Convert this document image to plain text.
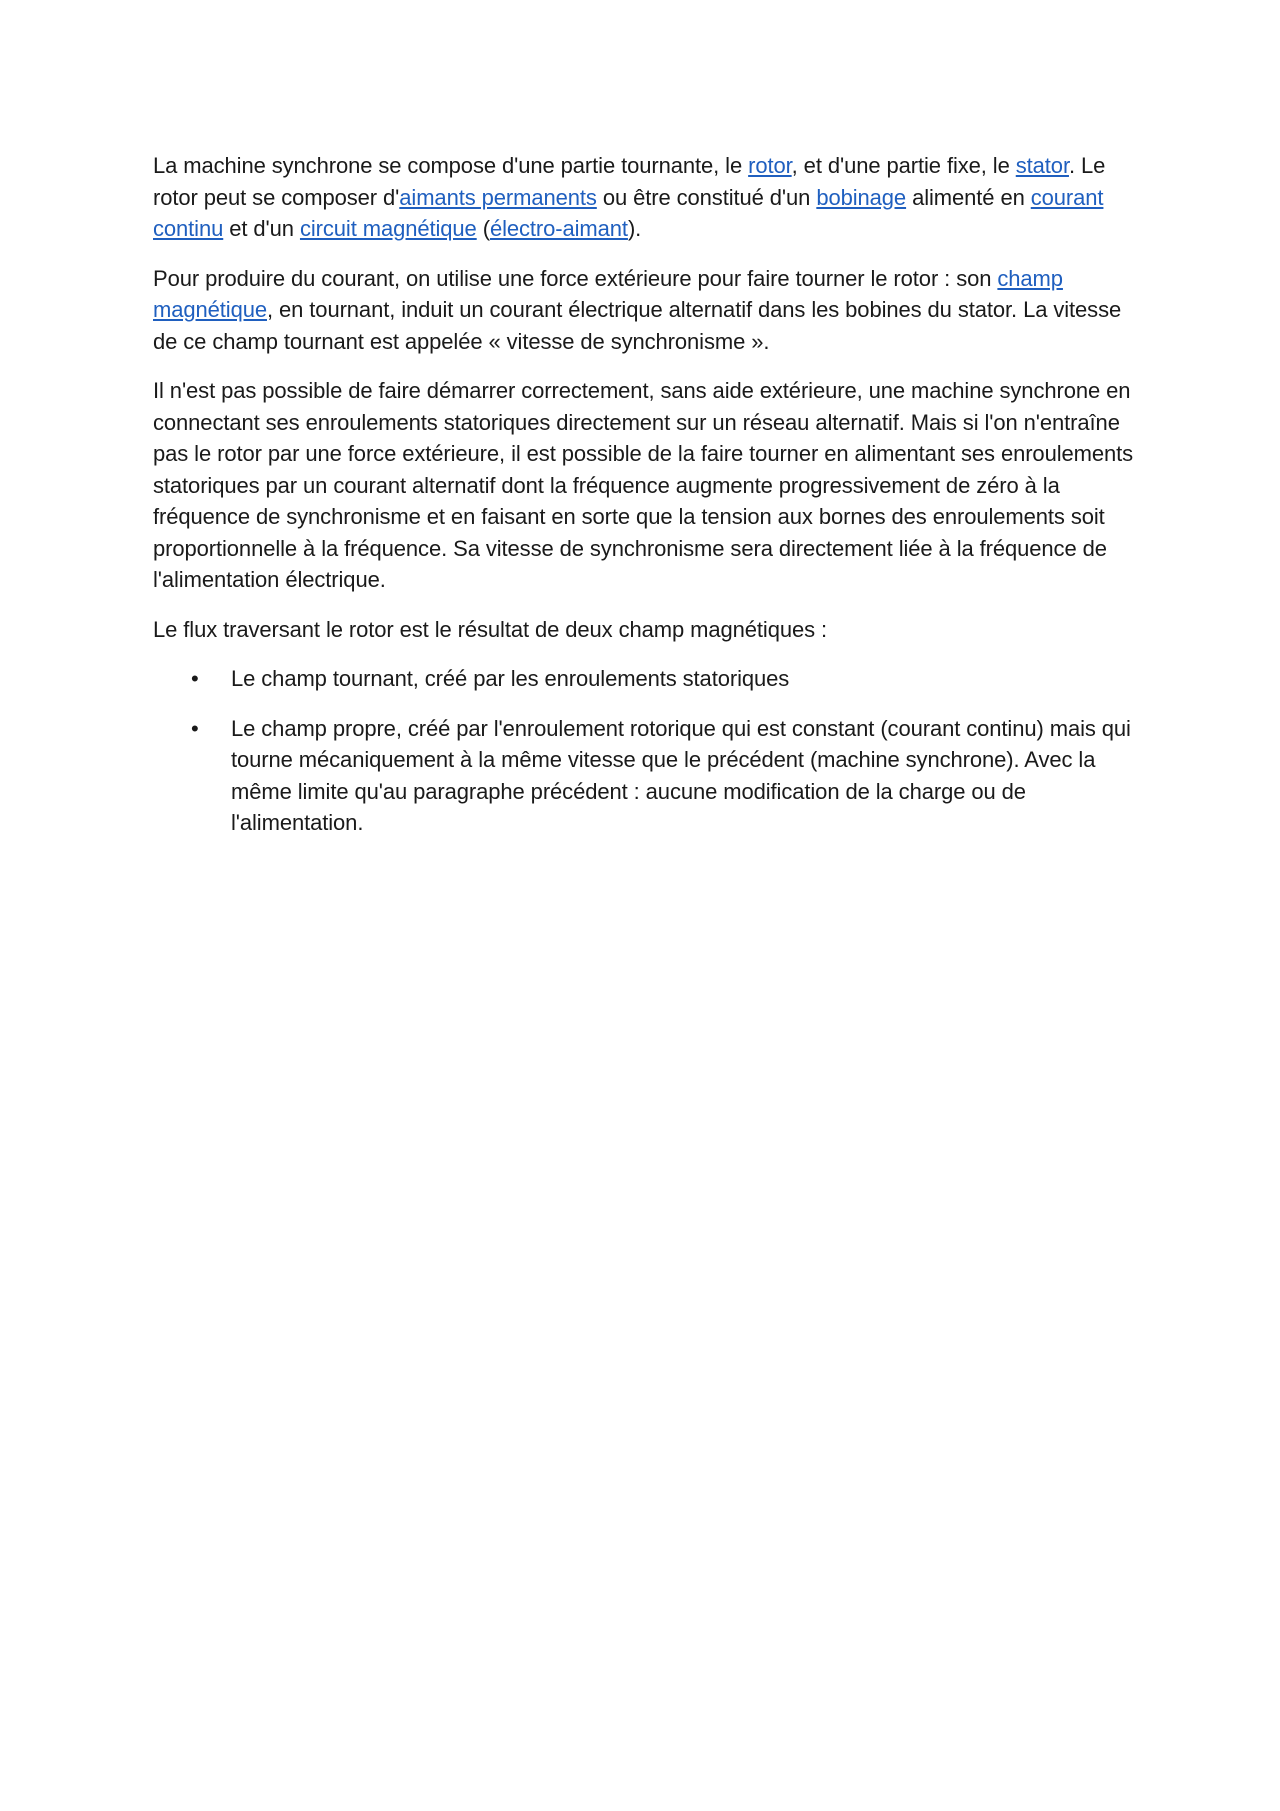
La machine synchrone se compose d'une partie tournante, le rotor, et d'une partie fixe, le stator. Le rotor peut se composer d'aimants permanents ou être constitué d'un bobinage alimenté en courant continu et d'un circuit magnétique (électro-aimant).

Pour produire du courant, on utilise une force extérieure pour faire tourner le rotor : son champ magnétique, en tournant, induit un courant électrique alternatif dans les bobines du stator. La vitesse de ce champ tournant est appelée « vitesse de synchronisme ».

Il n'est pas possible de faire démarrer correctement, sans aide extérieure, une machine synchrone en connectant ses enroulements statoriques directement sur un réseau alternatif. Mais si l'on n'entraîne pas le rotor par une force extérieure, il est possible de la faire tourner en alimentant ses enroulements statoriques par un courant alternatif dont la fréquence augmente progressivement de zéro à la fréquence de synchronisme et en faisant en sorte que la tension aux bornes des enroulements soit proportionnelle à la fréquence. Sa vitesse de synchronisme sera directement liée à la fréquence de l'alimentation électrique.

Le flux traversant le rotor est le résultat de deux champ magnétiques :

• Le champ tournant, créé par les enroulements statoriques
• Le champ propre, créé par l'enroulement rotorique qui est constant (courant continu) mais qui tourne mécaniquement à la même vitesse que le précédent (machine synchrone). Avec la même limite qu'au paragraphe précédent : aucune modification de la charge ou de l'alimentation.
